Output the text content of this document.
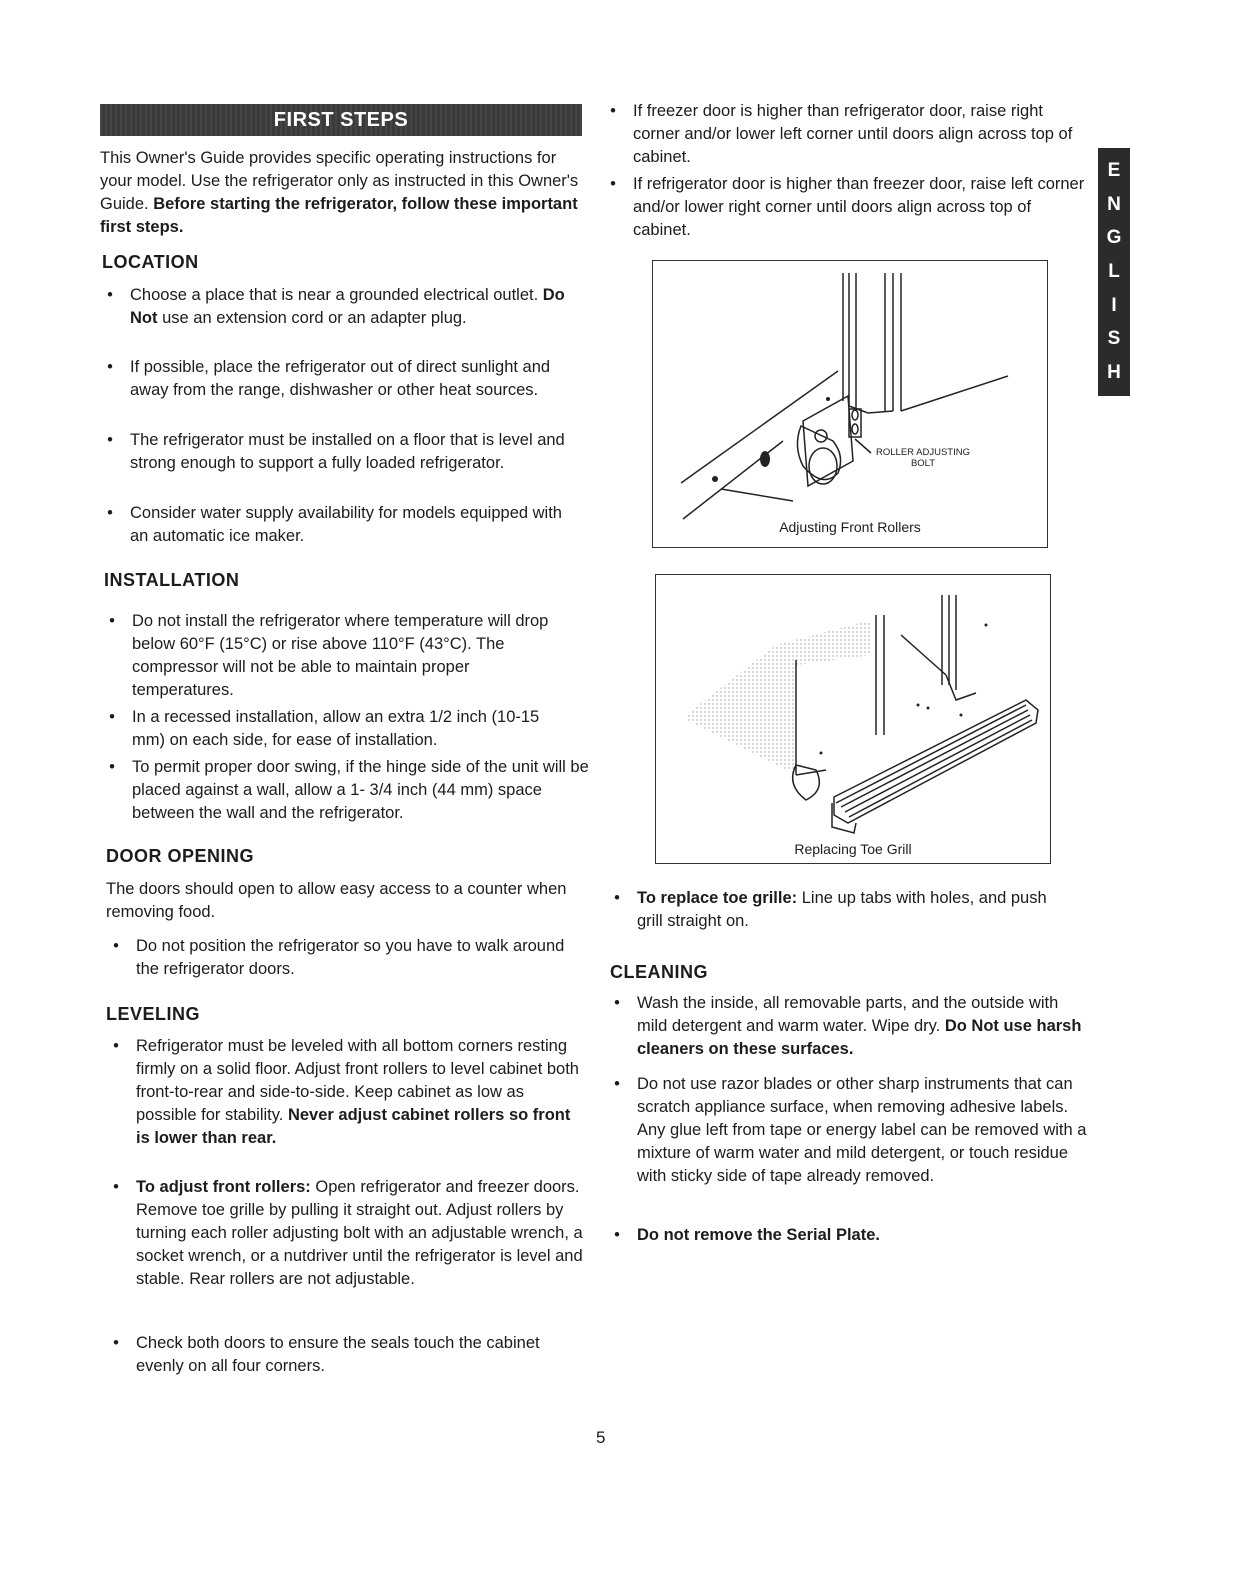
FIRST STEPS
E
N
G
L
I
S
H
This Owner's Guide provides specific operating instructions for your model. Use the refrigerator only as instructed in this Owner's Guide. Before starting the refrigerator, follow these important first steps.
LOCATION
•	Choose a place that is near a grounded electrical outlet. Do Not use an extension cord or an adapter plug.
•	If possible, place the refrigerator out of direct sunlight and away from the range, dishwasher or other heat sources.
•	The refrigerator must be installed on a floor that is level and strong enough to support a fully loaded refrigerator.
•	Consider water supply availability for models equipped with an automatic ice maker.
INSTALLATION
•	Do not install the refrigerator where temperature will drop below 60°F (15°C) or rise above 110°F (43°C). The compressor will not be able to maintain proper temperatures.
•	In a recessed installation, allow an extra 1/2 inch (10-15 mm) on each side, for ease of installation.
•	To permit proper door swing, if the hinge side of the unit will be placed against a wall, allow a 1- 3/4 inch (44 mm) space between the wall and the refrigerator.
DOOR OPENING
The doors should open to allow easy access to a counter when removing food.
•	Do not position the refrigerator so you have to walk around the refrigerator doors.
LEVELING
•	Refrigerator must be leveled with all bottom corners resting firmly on a solid floor. Adjust front rollers to level cabinet both front-to-rear and side-to-side. Keep cabinet as low as possible for stability. Never adjust cabinet rollers so front is lower than rear.
•	To adjust front rollers: Open refrigerator and freezer doors. Remove toe grille by pulling it straight out. Adjust rollers by turning each roller adjusting bolt with an adjustable wrench, a socket wrench, or a nutdriver until the refrigerator is level and stable. Rear rollers are not adjustable.
•	Check both doors to ensure the seals touch the cabinet evenly on all four corners.
•	If freezer door is higher than refrigerator door, raise right corner and/or lower left corner until doors align across top of cabinet.
•	If refrigerator door is higher than freezer door, raise left corner and/or lower right corner until doors align across top of cabinet.
ROLLER ADJUSTING BOLT
Adjusting Front Rollers
Replacing Toe Grill
•	To replace toe grille: Line up tabs with holes, and push grill straight on.
CLEANING
•	Wash the inside, all removable parts, and the outside with mild detergent and warm water. Wipe dry. Do Not use harsh cleaners on these surfaces.
•	Do not use razor blades or other sharp instruments that can scratch appliance surface, when removing adhesive labels. Any glue left from tape or energy label can be removed with a mixture of warm water and mild detergent, or touch residue with sticky side of tape already removed.
•	Do not remove the Serial Plate.
5
